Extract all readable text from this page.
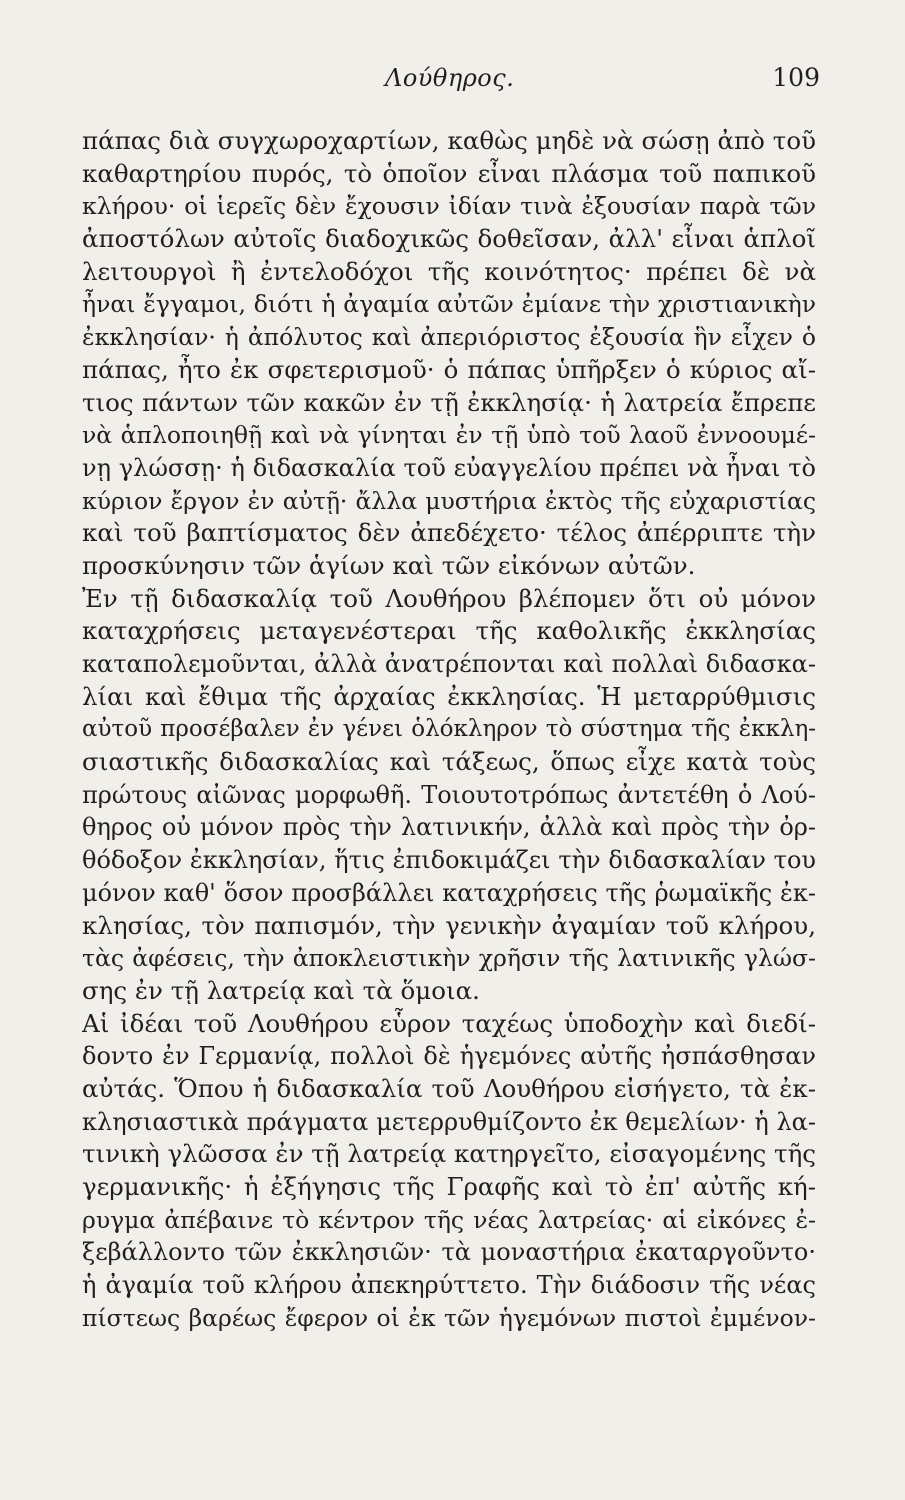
Λούθηρος.	109
πάπας διὰ συγχωροχαρτίων, καθὼς μηδὲ νὰ σώσῃ ἀπὸ τοῦ
καθαρτηρίου πυρός, τὸ ὁποῖον εἶναι πλάσμα τοῦ παπικοῦ
κλήρου· οἱ ἱερεῖς δὲν ἔχουσιν ἰδίαν τινὰ ἐξουσίαν παρὰ τῶν
ἀποστόλων αὐτοῖς διαδοχικῶς δοθεῖσαν, ἀλλ' εἶναι ἁπλοῖ
λειτουργοὶ ἢ ἐντελοδόχοι τῆς κοινότητος· πρέπει δὲ νὰ
ἦναι ἔγγαμοι, διότι ἡ ἀγαμία αὐτῶν ἐμίανε τὴν χριστιανικὴν
ἐκκλησίαν· ἡ ἀπόλυτος καὶ ἀπεριόριστος ἐξουσία ἣν εἶχεν ὁ
πάπας, ἦτο ἐκ σφετερισμοῦ· ὁ πάπας ὑπῆρξεν ὁ κύριος αἴ-
τιος πάντων τῶν κακῶν ἐν τῇ ἐκκλησίᾳ· ἡ λατρεία ἔπρεπε
νὰ ἁπλοποιηθῇ καὶ νὰ γίνηται ἐν τῇ ὑπὸ τοῦ λαοῦ ἐννοουμέ-
νῃ γλώσσῃ· ἡ διδασκαλία τοῦ εὐαγγελίου πρέπει νὰ ἦναι τὸ
κύριον ἔργον ἐν αὐτῇ· ἄλλα μυστήρια ἐκτὸς τῆς εὐχαριστίας
καὶ τοῦ βαπτίσματος δὲν ἀπεδέχετο· τέλος ἀπέρριπτε τὴν
προσκύνησιν τῶν ἁγίων καὶ τῶν εἰκόνων αὐτῶν.
Ἐν τῇ διδασκαλίᾳ τοῦ Λουθήρου βλέπομεν ὅτι οὐ μόνον
καταχρήσεις μεταγενέστεραι τῆς καθολικῆς ἐκκλησίας
καταπολεμοῦνται, ἀλλὰ ἀνατρέπονται καὶ πολλαὶ διδασκα-
λίαι καὶ ἔθιμα τῆς ἀρχαίας ἐκκλησίας. Ἡ μεταρρύθμισις
αὐτοῦ προσέβαλεν ἐν γένει ὁλόκληρον τὸ σύστημα τῆς ἐκκλη-
σιαστικῆς διδασκαλίας καὶ τάξεως, ὅπως εἶχε κατὰ τοὺς
πρώτους αἰῶνας μορφωθῆ. Τοιουτοτρόπως ἀντετέθη ὁ Λού-
θηρος οὐ μόνον πρὸς τὴν λατινικήν, ἀλλὰ καὶ πρὸς τὴν ὀρ-
θόδοξον ἐκκλησίαν, ἥτις ἐπιδοκιμάζει τὴν διδασκαλίαν του
μόνον καθ' ὅσον προσβάλλει καταχρήσεις τῆς ῥωμαϊκῆς ἐκ-
κλησίας, τὸν παπισμόν, τὴν γενικὴν ἀγαμίαν τοῦ κλήρου,
τὰς ἀφέσεις, τὴν ἀποκλειστικὴν χρῆσιν τῆς λατινικῆς γλώσ-
σης ἐν τῇ λατρείᾳ καὶ τὰ ὅμοια.
Αἱ ἰδέαι τοῦ Λουθήρου εὗρον ταχέως ὑποδοχὴν καὶ διεδί-
δοντο ἐν Γερμανίᾳ, πολλοὶ δὲ ἡγεμόνες αὐτῆς ἠσπάσθησαν
αὐτάς. Ὅπου ἡ διδασκαλία τοῦ Λουθήρου εἰσήγετο, τὰ ἐκ-
κλησιαστικὰ πράγματα μετερρυθμίζοντο ἐκ θεμελίων· ἡ λα-
τινικὴ γλῶσσα ἐν τῇ λατρείᾳ κατηργεῖτο, εἰσαγομένης τῆς
γερμανικῆς· ἡ ἐξήγησις τῆς Γραφῆς καὶ τὸ ἐπ' αὐτῆς κή-
ρυγμα ἀπέβαινε τὸ κέντρον τῆς νέας λατρείας· αἱ εἰκόνες ἐ-
ξεβάλλοντο τῶν ἐκκλησιῶν· τὰ μοναστήρια ἐκαταργοῦντο·
ἡ ἀγαμία τοῦ κλήρου ἀπεκηρύττετο. Τὴν διάδοσιν τῆς νέας
πίστεως βαρέως ἔφερον οἱ ἐκ τῶν ἡγεμόνων πιστοὶ ἐμμένον-
